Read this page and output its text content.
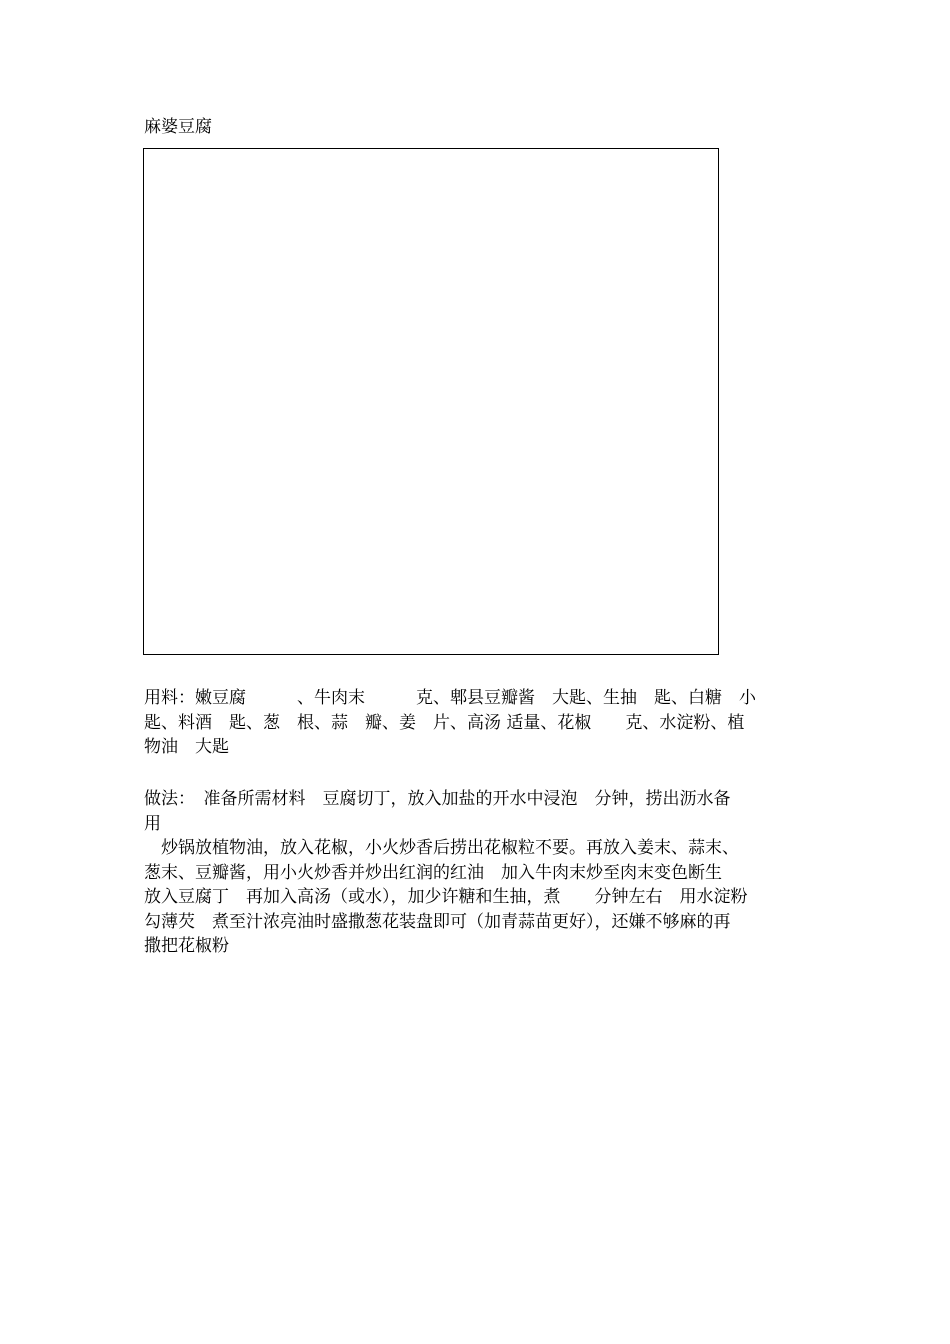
麻婆豆腐
用料：嫩豆腐　　　、牛肉末　　　克、郫县豆瓣酱　大匙、生抽　匙、白糖　小
匙、料酒　匙、葱　根、蒜　瓣、姜　片、高汤 适量、花椒　　克、水淀粉、植
物油　大匙
做法：　准备所需材料　豆腐切丁，放入加盐的开水中浸泡　分钟，捞出沥水备
用
　炒锅放植物油，放入花椒，小火炒香后捞出花椒粒不要。再放入姜末、蒜末、
葱末、豆瓣酱，用小火炒香并炒出红润的红油　加入牛肉末炒至肉末变色断生
放入豆腐丁　再加入高汤（或水），加少许糖和生抽，煮　　分钟左右　用水淀粉
勾薄芡　煮至汁浓亮油时盛撒葱花装盘即可（加青蒜苗更好），还嫌不够麻的再
撒把花椒粉
